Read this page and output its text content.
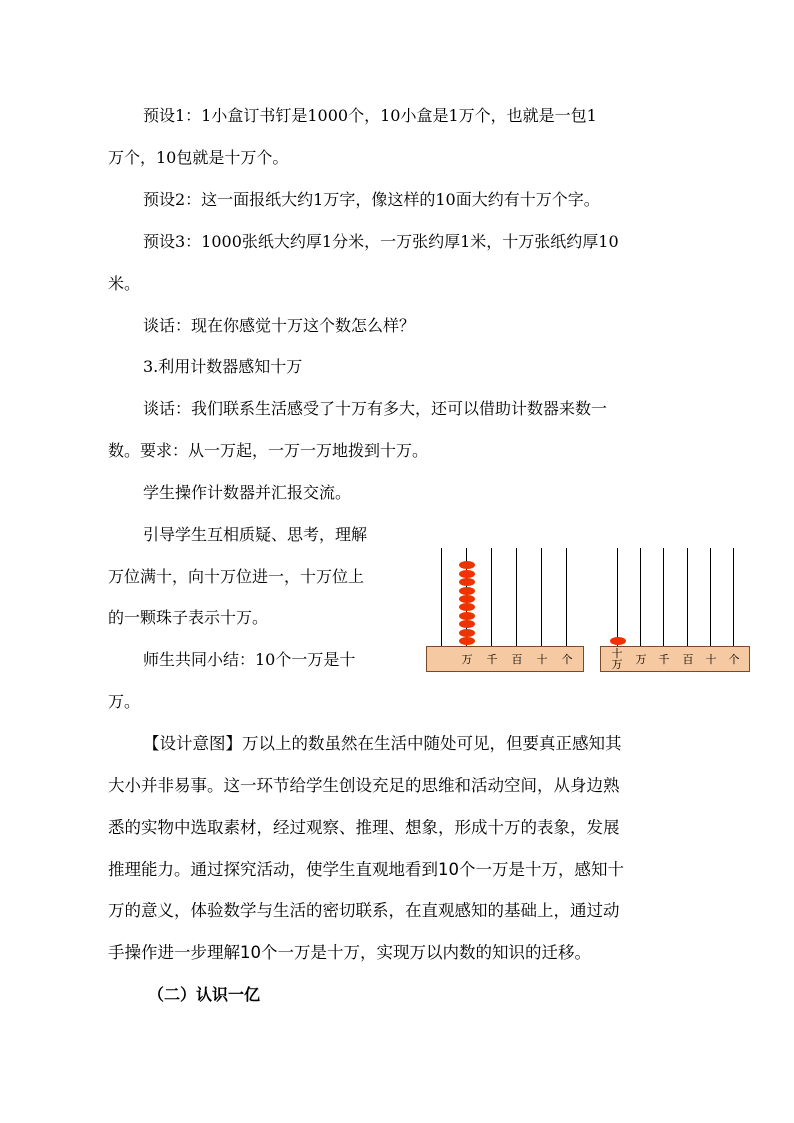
预设1：1小盒订书钉是1000个，10小盒是1万个，也就是一包1
万个，10包就是十万个。
预设2：这一面报纸大约1万字，像这样的10面大约有十万个字。
预设3：1000张纸大约厚1分米，一万张约厚1米，十万张纸约厚10
米。
谈话：现在你感觉十万这个数怎么样？
3.利用计数器感知十万
谈话：我们联系生活感受了十万有多大，还可以借助计数器来数一
数。要求：从一万起，一万一万地拨到十万。
学生操作计数器并汇报交流。
引导学生互相质疑、思考，理解
万位满十，向十万位进一，十万位上
的一颗珠子表示十万。
师生共同小结：10个一万是十
万。
【设计意图】万以上的数虽然在生活中随处可见，但要真正感知其
大小并非易事。这一环节给学生创设充足的思维和活动空间，从身边熟
悉的实物中选取素材，经过观察、推理、想象，形成十万的表象，发展
推理能力。通过探究活动，使学生直观地看到10个一万是十万，感知十
万的意义，体验数学与生活的密切联系，在直观感知的基础上，通过动
手操作进一步理解10个一万是十万，实现万以内数的知识的迁移。
（二）认识一亿
万	千	百	十	个	十万	万	千	百	十	个
